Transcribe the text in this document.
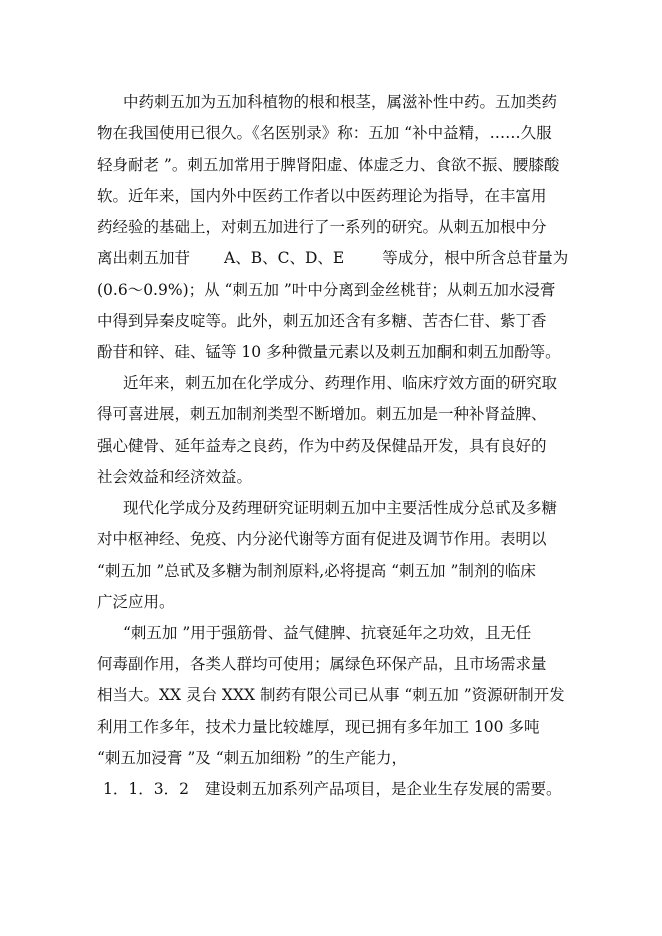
中药刺五加为五加科植物的根和根茎，属滋补性中药。五加类药

物在我国使用已很久。《名医别录》称：五加 “补中益精，……久服

轻身耐老 ”。刺五加常用于脾肾阳虚、体虚乏力、食欲不振、腰膝酸

软。近年来，国内外中医药工作者以中医药理论为指导，在丰富用

药经验的基础上，对刺五加进行了一系列的研究。从刺五加根中分

离出刺五加苷 A、B、C、D、E 等成分，根中所含总苷量为

(0.6～0.9%)；从 “刺五加 ”叶中分离到金丝桃苷；从刺五加水浸膏

中得到异秦皮啶等。此外，刺五加还含有多糖、苦杏仁苷、紫丁香

酚苷和锌、硅、锰等 10 多种微量元素以及刺五加酮和刺五加酚等。

近年来，刺五加在化学成分、药理作用、临床疗效方面的研究取

得可喜进展，刺五加制剂类型不断增加。刺五加是一种补肾益脾、

强心健骨、延年益寿之良药，作为中药及保健品开发，具有良好的

社会效益和经济效益。

现代化学成分及药理研究证明刺五加中主要活性成分总甙及多糖

对中枢神经、免疫、内分泌代谢等方面有促进及调节作用。表明以

“刺五加 ”总甙及多糖为制剂原料,必将提高 “刺五加 ”制剂的临床

广泛应用。

“刺五加 ”用于强筋骨、益气健脾、抗衰延年之功效，且无任

何毒副作用，各类人群均可使用；属绿色环保产品，且市场需求量

相当大。XX 灵台 XXX 制药有限公司已从事 “刺五加 ”资源研制开发

利用工作多年，技术力量比较雄厚，现已拥有多年加工 100 多吨

“刺五加浸膏 ”及 “刺五加细粉 ”的生产能力，

1．1．3．2 建设刺五加系列产品项目，是企业生存发展的需要。
